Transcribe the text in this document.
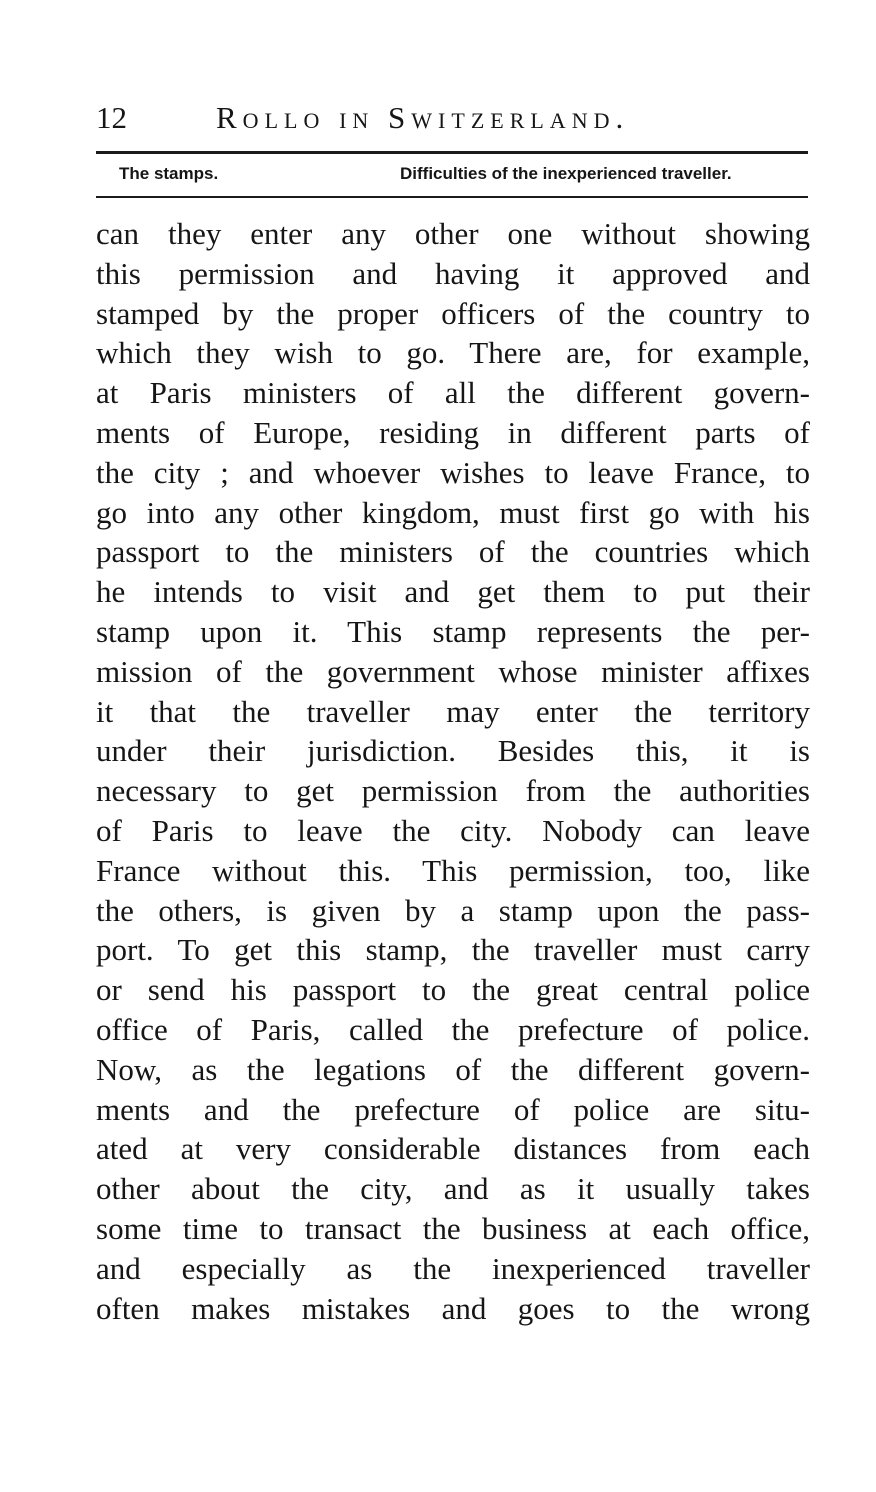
12	Rollo in Switzerland.
The stamps.	Difficulties of the inexperienced traveller.
can they enter any other one without showing
this permission and having it approved and
stamped by the proper officers of the country to
which they wish to go. There are, for example,
at Paris ministers of all the different govern-
ments of Europe, residing in different parts of
the city ; and whoever wishes to leave France, to
go into any other kingdom, must first go with his
passport to the ministers of the countries which
he intends to visit and get them to put their
stamp upon it. This stamp represents the per-
mission of the government whose minister affixes
it that the traveller may enter the territory
under their jurisdiction. Besides this, it is
necessary to get permission from the authorities
of Paris to leave the city. Nobody can leave
France without this. This permission, too, like
the others, is given by a stamp upon the pass-
port. To get this stamp, the traveller must carry
or send his passport to the great central police
office of Paris, called the prefecture of police.
Now, as the legations of the different govern-
ments and the prefecture of police are situ-
ated at very considerable distances from each
other about the city, and as it usually takes
some time to transact the business at each office,
and especially as the inexperienced traveller
often makes mistakes and goes to the wrong
